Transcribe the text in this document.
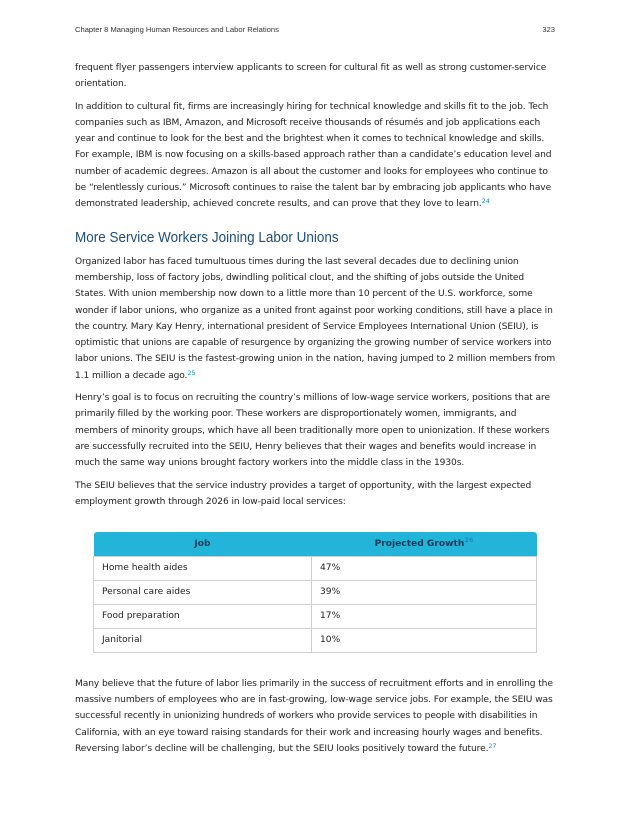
Chapter 8 Managing Human Resources and Labor Relations	323

frequent flyer passengers interview applicants to screen for cultural fit as well as strong customer-service orientation.

In addition to cultural fit, firms are increasingly hiring for technical knowledge and skills fit to the job. Tech companies such as IBM, Amazon, and Microsoft receive thousands of résumés and job applications each year and continue to look for the best and the brightest when it comes to technical knowledge and skills. For example, IBM is now focusing on a skills-based approach rather than a candidate’s education level and number of academic degrees. Amazon is all about the customer and looks for employees who continue to be “relentlessly curious.” Microsoft continues to raise the talent bar by embracing job applicants who have demonstrated leadership, achieved concrete results, and can prove that they love to learn.$^{24}$

More Service Workers Joining Labor Unions

Organized labor has faced tumultuous times during the last several decades due to declining union membership, loss of factory jobs, dwindling political clout, and the shifting of jobs outside the United States. With union membership now down to a little more than 10 percent of the U.S. workforce, some wonder if labor unions, who organize as a united front against poor working conditions, still have a place in the country. Mary Kay Henry, international president of Service Employees International Union (SEIU), is optimistic that unions are capable of resurgence by organizing the growing number of service workers into labor unions. The SEIU is the fastest-growing union in the nation, having jumped to 2 million members from 1.1 million a decade ago.$^{25}$

Henry’s goal is to focus on recruiting the country’s millions of low-wage service workers, positions that are primarily filled by the working poor. These workers are disproportionately women, immigrants, and members of minority groups, which have all been traditionally more open to unionization. If these workers are successfully recruited into the SEIU, Henry believes that their wages and benefits would increase in much the same way unions brought factory workers into the middle class in the 1930s.

The SEIU believes that the service industry provides a target of opportunity, with the largest expected employment growth through 2026 in low-paid local services:

Job	Projected Growth$^{26}$
Home health aides	47%
Personal care aides	39%
Food preparation	17%
Janitorial	10%

Many believe that the future of labor lies primarily in the success of recruitment efforts and in enrolling the massive numbers of employees who are in fast-growing, low-wage service jobs. For example, the SEIU was successful recently in unionizing hundreds of workers who provide services to people with disabilities in California, with an eye toward raising standards for their work and increasing hourly wages and benefits. Reversing labor’s decline will be challenging, but the SEIU looks positively toward the future.$^{27}$
